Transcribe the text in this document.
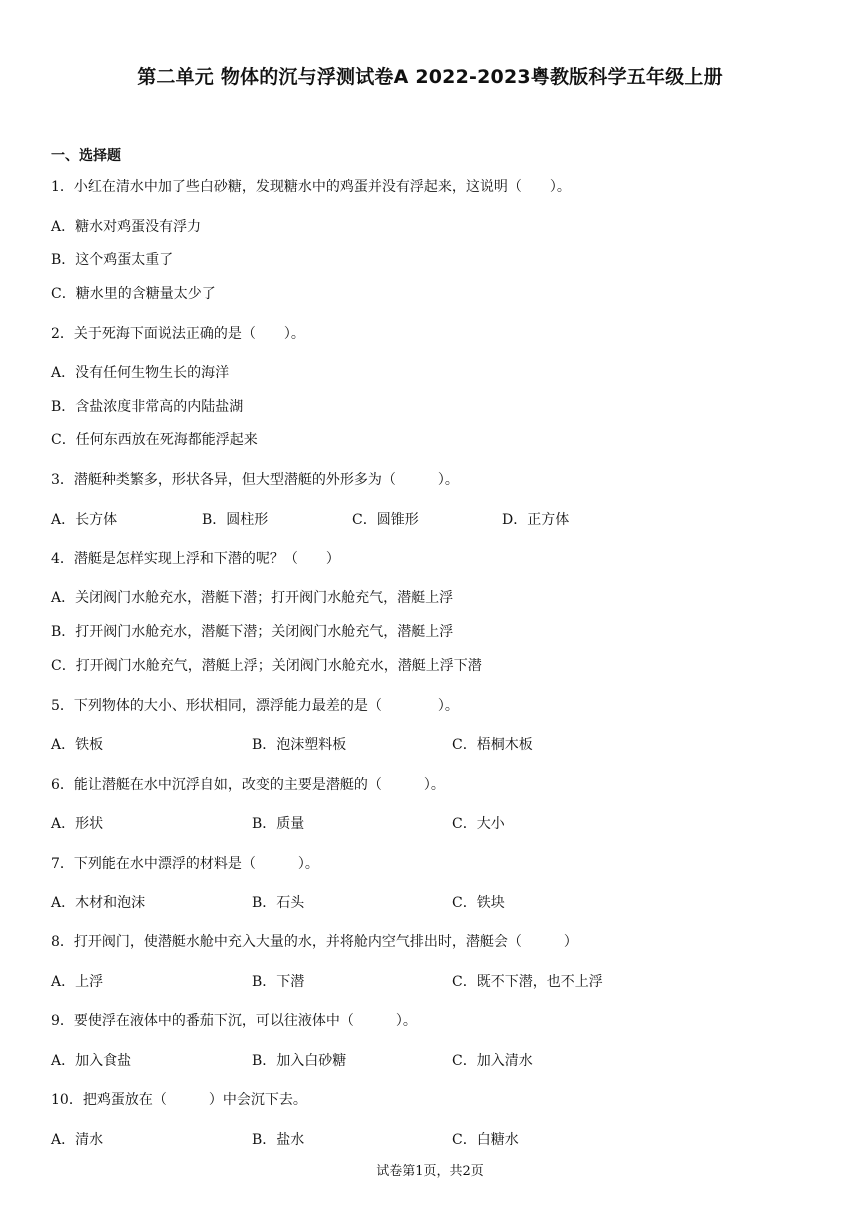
第二单元 物体的沉与浮测试卷A 2022-2023粤教版科学五年级上册
一、选择题
1．小红在清水中加了些白砂糖，发现糖水中的鸡蛋并没有浮起来，这说明（　　）。
A．糖水对鸡蛋没有浮力
B．这个鸡蛋太重了
C．糖水里的含糖量太少了
2．关于死海下面说法正确的是（　　）。
A．没有任何生物生长的海洋
B．含盐浓度非常高的内陆盐湖
C．任何东西放在死海都能浮起来
3．潜艇种类繁多，形状各异，但大型潜艇的外形多为（　　　）。
A．长方体	B．圆柱形	C．圆锥形	D．正方体
4．潜艇是怎样实现上浮和下潜的呢？（　　）
A．关闭阀门水舱充水，潜艇下潜；打开阀门水舱充气，潜艇上浮
B．打开阀门水舱充水，潜艇下潜；关闭阀门水舱充气，潜艇上浮
C．打开阀门水舱充气，潜艇上浮；关闭阀门水舱充水，潜艇上浮下潜
5．下列物体的大小、形状相同，漂浮能力最差的是（　　　　）。
A．铁板	B．泡沫塑料板	C．梧桐木板
6．能让潜艇在水中沉浮自如，改变的主要是潜艇的（　　　）。
A．形状	B．质量	C．大小
7．下列能在水中漂浮的材料是（　　　）。
A．木材和泡沫	B．石头	C．铁块
8．打开阀门，使潜艇水舱中充入大量的水，并将舱内空气排出时，潜艇会（　　　）
A．上浮	B．下潜	C．既不下潜，也不上浮
9．要使浮在液体中的番茄下沉，可以往液体中（　　　）。
A．加入食盐	B．加入白砂糖	C．加入清水
10．把鸡蛋放在（　　　）中会沉下去。
A．清水	B．盐水	C．白糖水
试卷第1页，共2页
